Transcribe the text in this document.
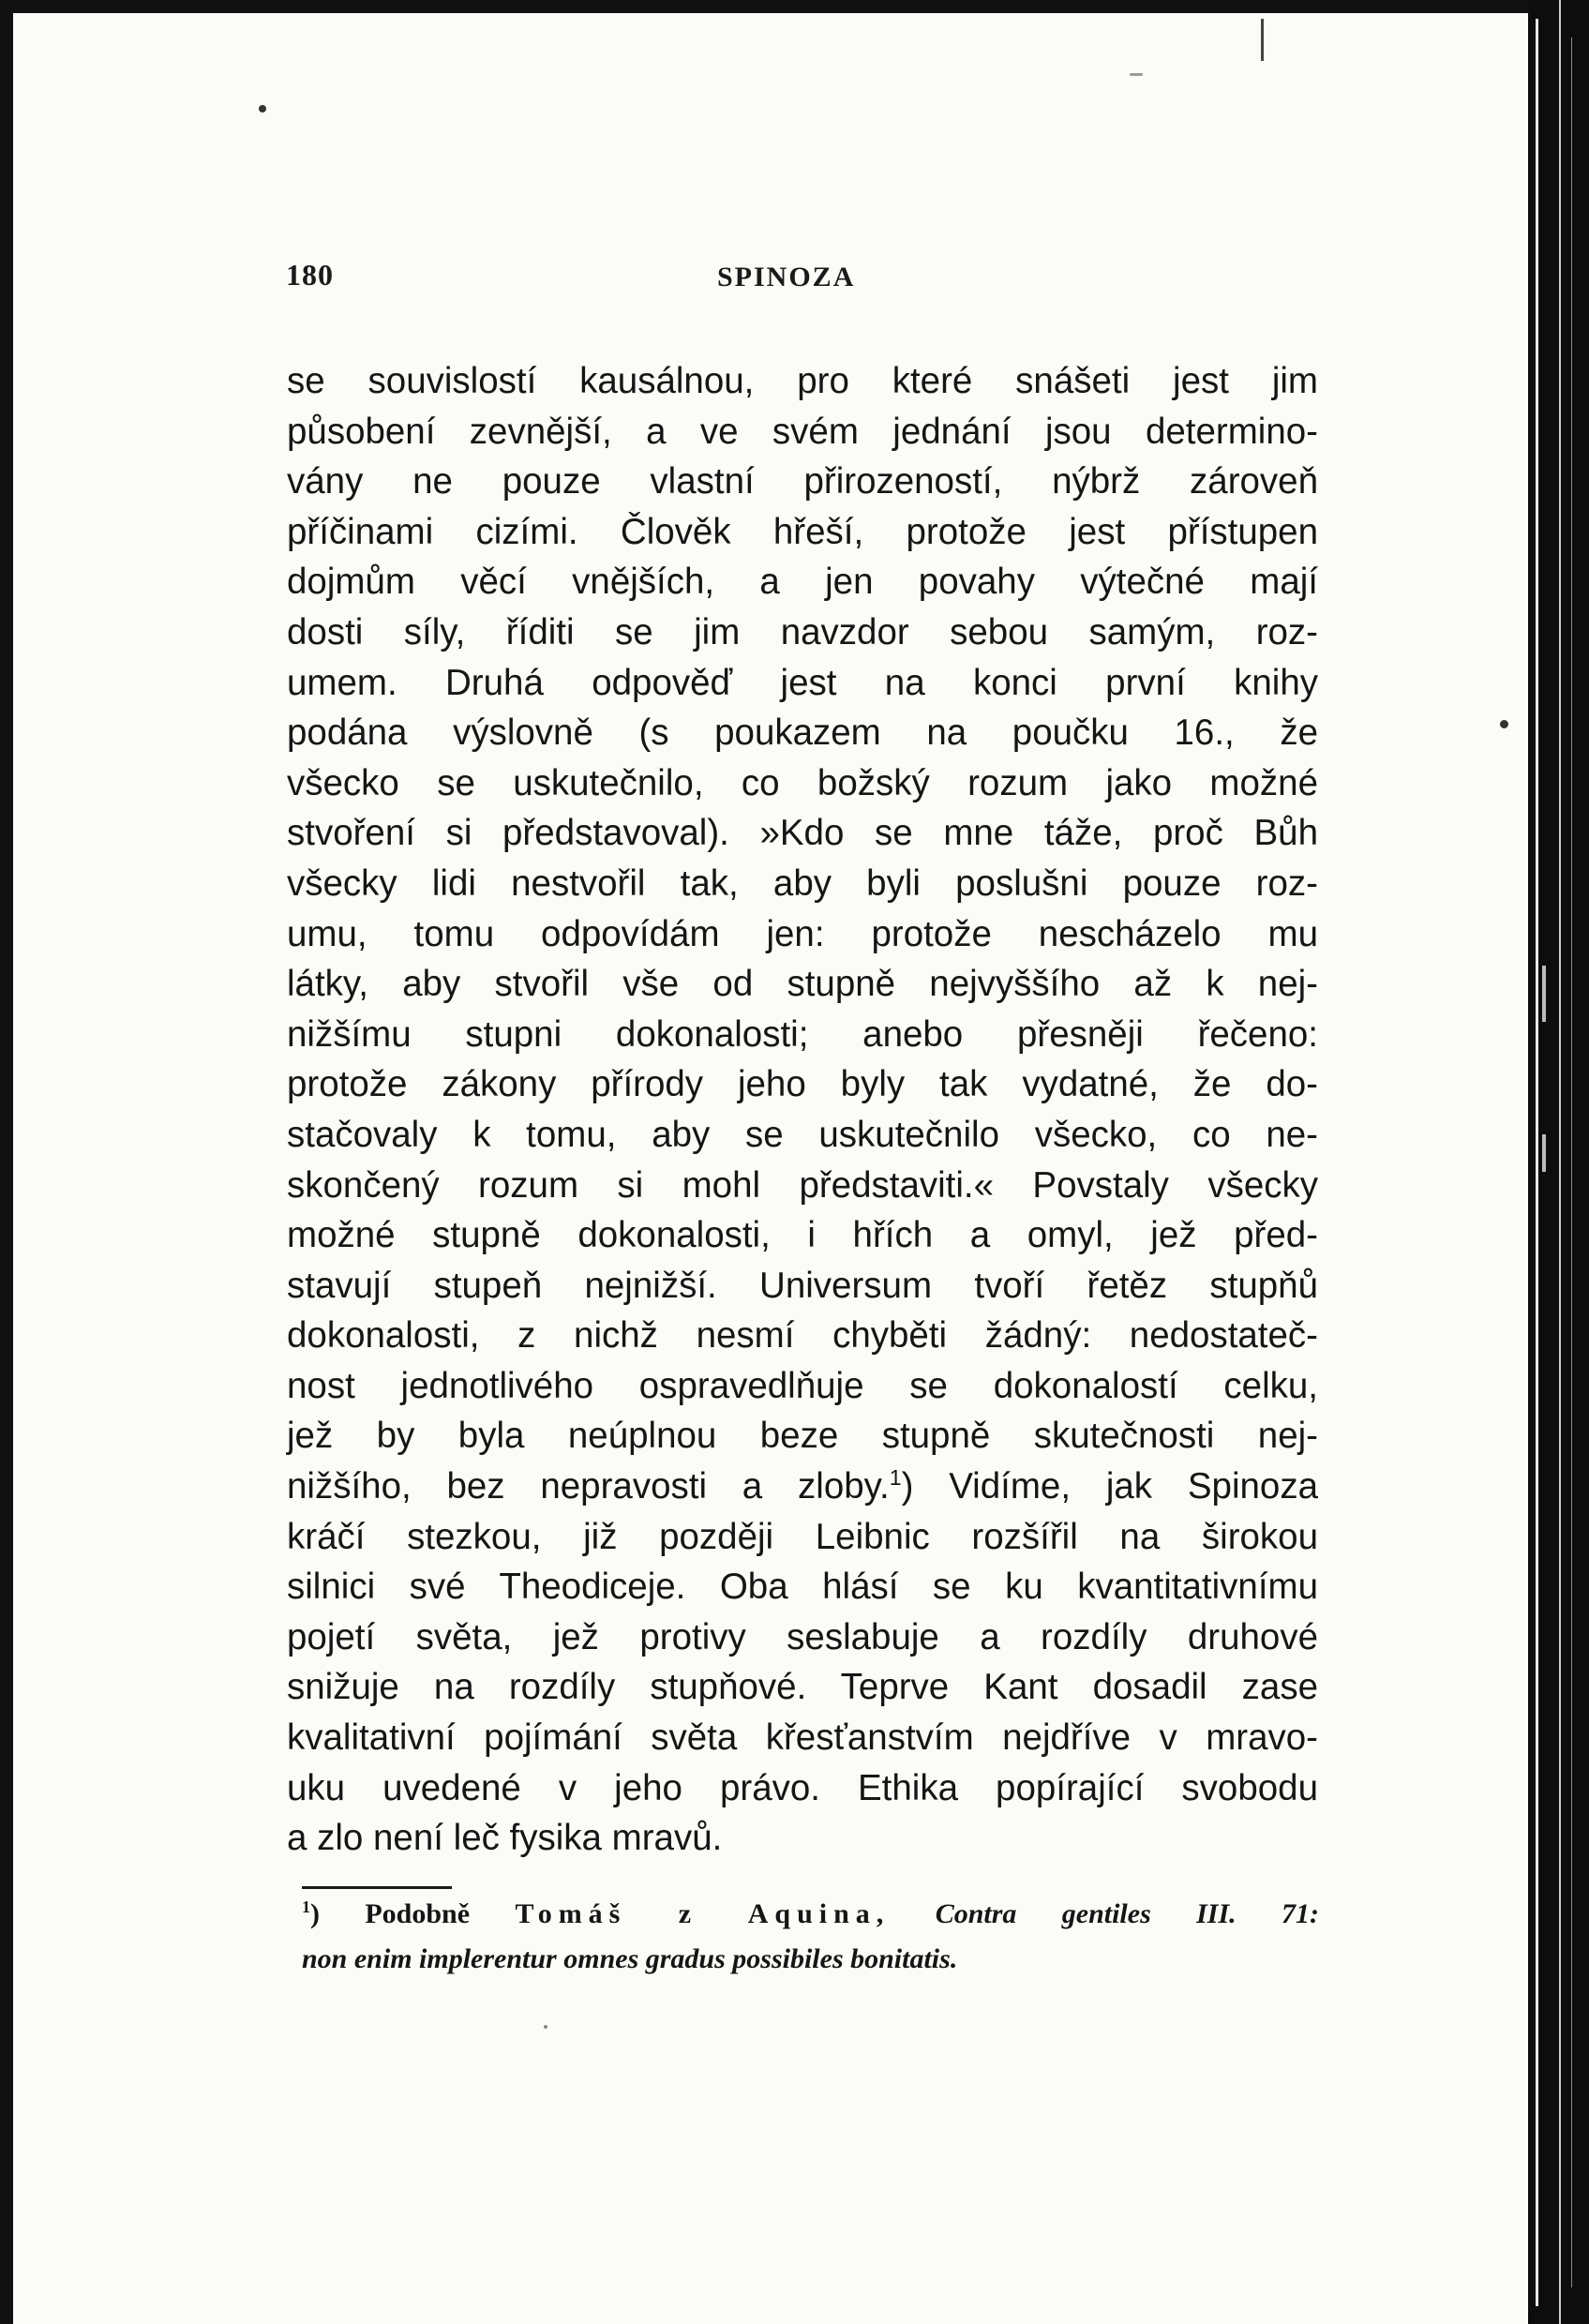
180	SPINOZA
se souvislostí kausálnou, pro které snášeti jest jim
působení zevnější, a ve svém jednání jsou determino-
vány ne pouze vlastní přirozeností, nýbrž zároveň
příčinami cizími. Člověk hřeší, protože jest přístupen
dojmům věcí vnějších, a jen povahy výtečné mají
dosti síly, říditi se jim navzdor sebou samým, roz-
umem. Druhá odpověď jest na konci první knihy
podána výslovně (s poukazem na poučku 16., že
všecko se uskutečnilo, co božský rozum jako možné
stvoření si představoval). »Kdo se mne táže, proč Bůh
všecky lidi nestvořil tak, aby byli poslušni pouze roz-
umu, tomu odpovídám jen: protože nescházelo mu
látky, aby stvořil vše od stupně nejvyššího až k nej-
nižšímu stupni dokonalosti; anebo přesněji řečeno:
protože zákony přírody jeho byly tak vydatné, že do-
stačovaly k tomu, aby se uskutečnilo všecko, co ne-
skončený rozum si mohl představiti.« Povstaly všecky
možné stupně dokonalosti, i hřích a omyl, jež před-
stavují stupeň nejnižší. Universum tvoří řetěz stupňů
dokonalosti, z nichž nesmí chyběti žádný: nedostateč-
nost jednotlivého ospravedlňuje se dokonalostí celku,
jež by byla neúplnou beze stupně skutečnosti nej-
nižšího, bez nepravosti a zloby.$^1$) Vidíme, jak Spinoza
kráčí stezkou, již později Leibnic rozšířil na širokou
silnici své Theodiceje. Oba hlásí se ku kvantitativnímu
pojetí světa, jež protivy seslabuje a rozdíly druhové
snižuje na rozdíly stupňové. Teprve Kant dosadil zase
kvalitativní pojímání světa křesťanstvím nejdříve v mravo-
uku uvedené v jeho právo. Ethika popírající svobodu
a zlo není leč fysika mravů.
$^1$) Podobně Tomáš z Aquina, Contra gentiles III. 71:
non enim implerentur omnes gradus possibiles bonitatis.
